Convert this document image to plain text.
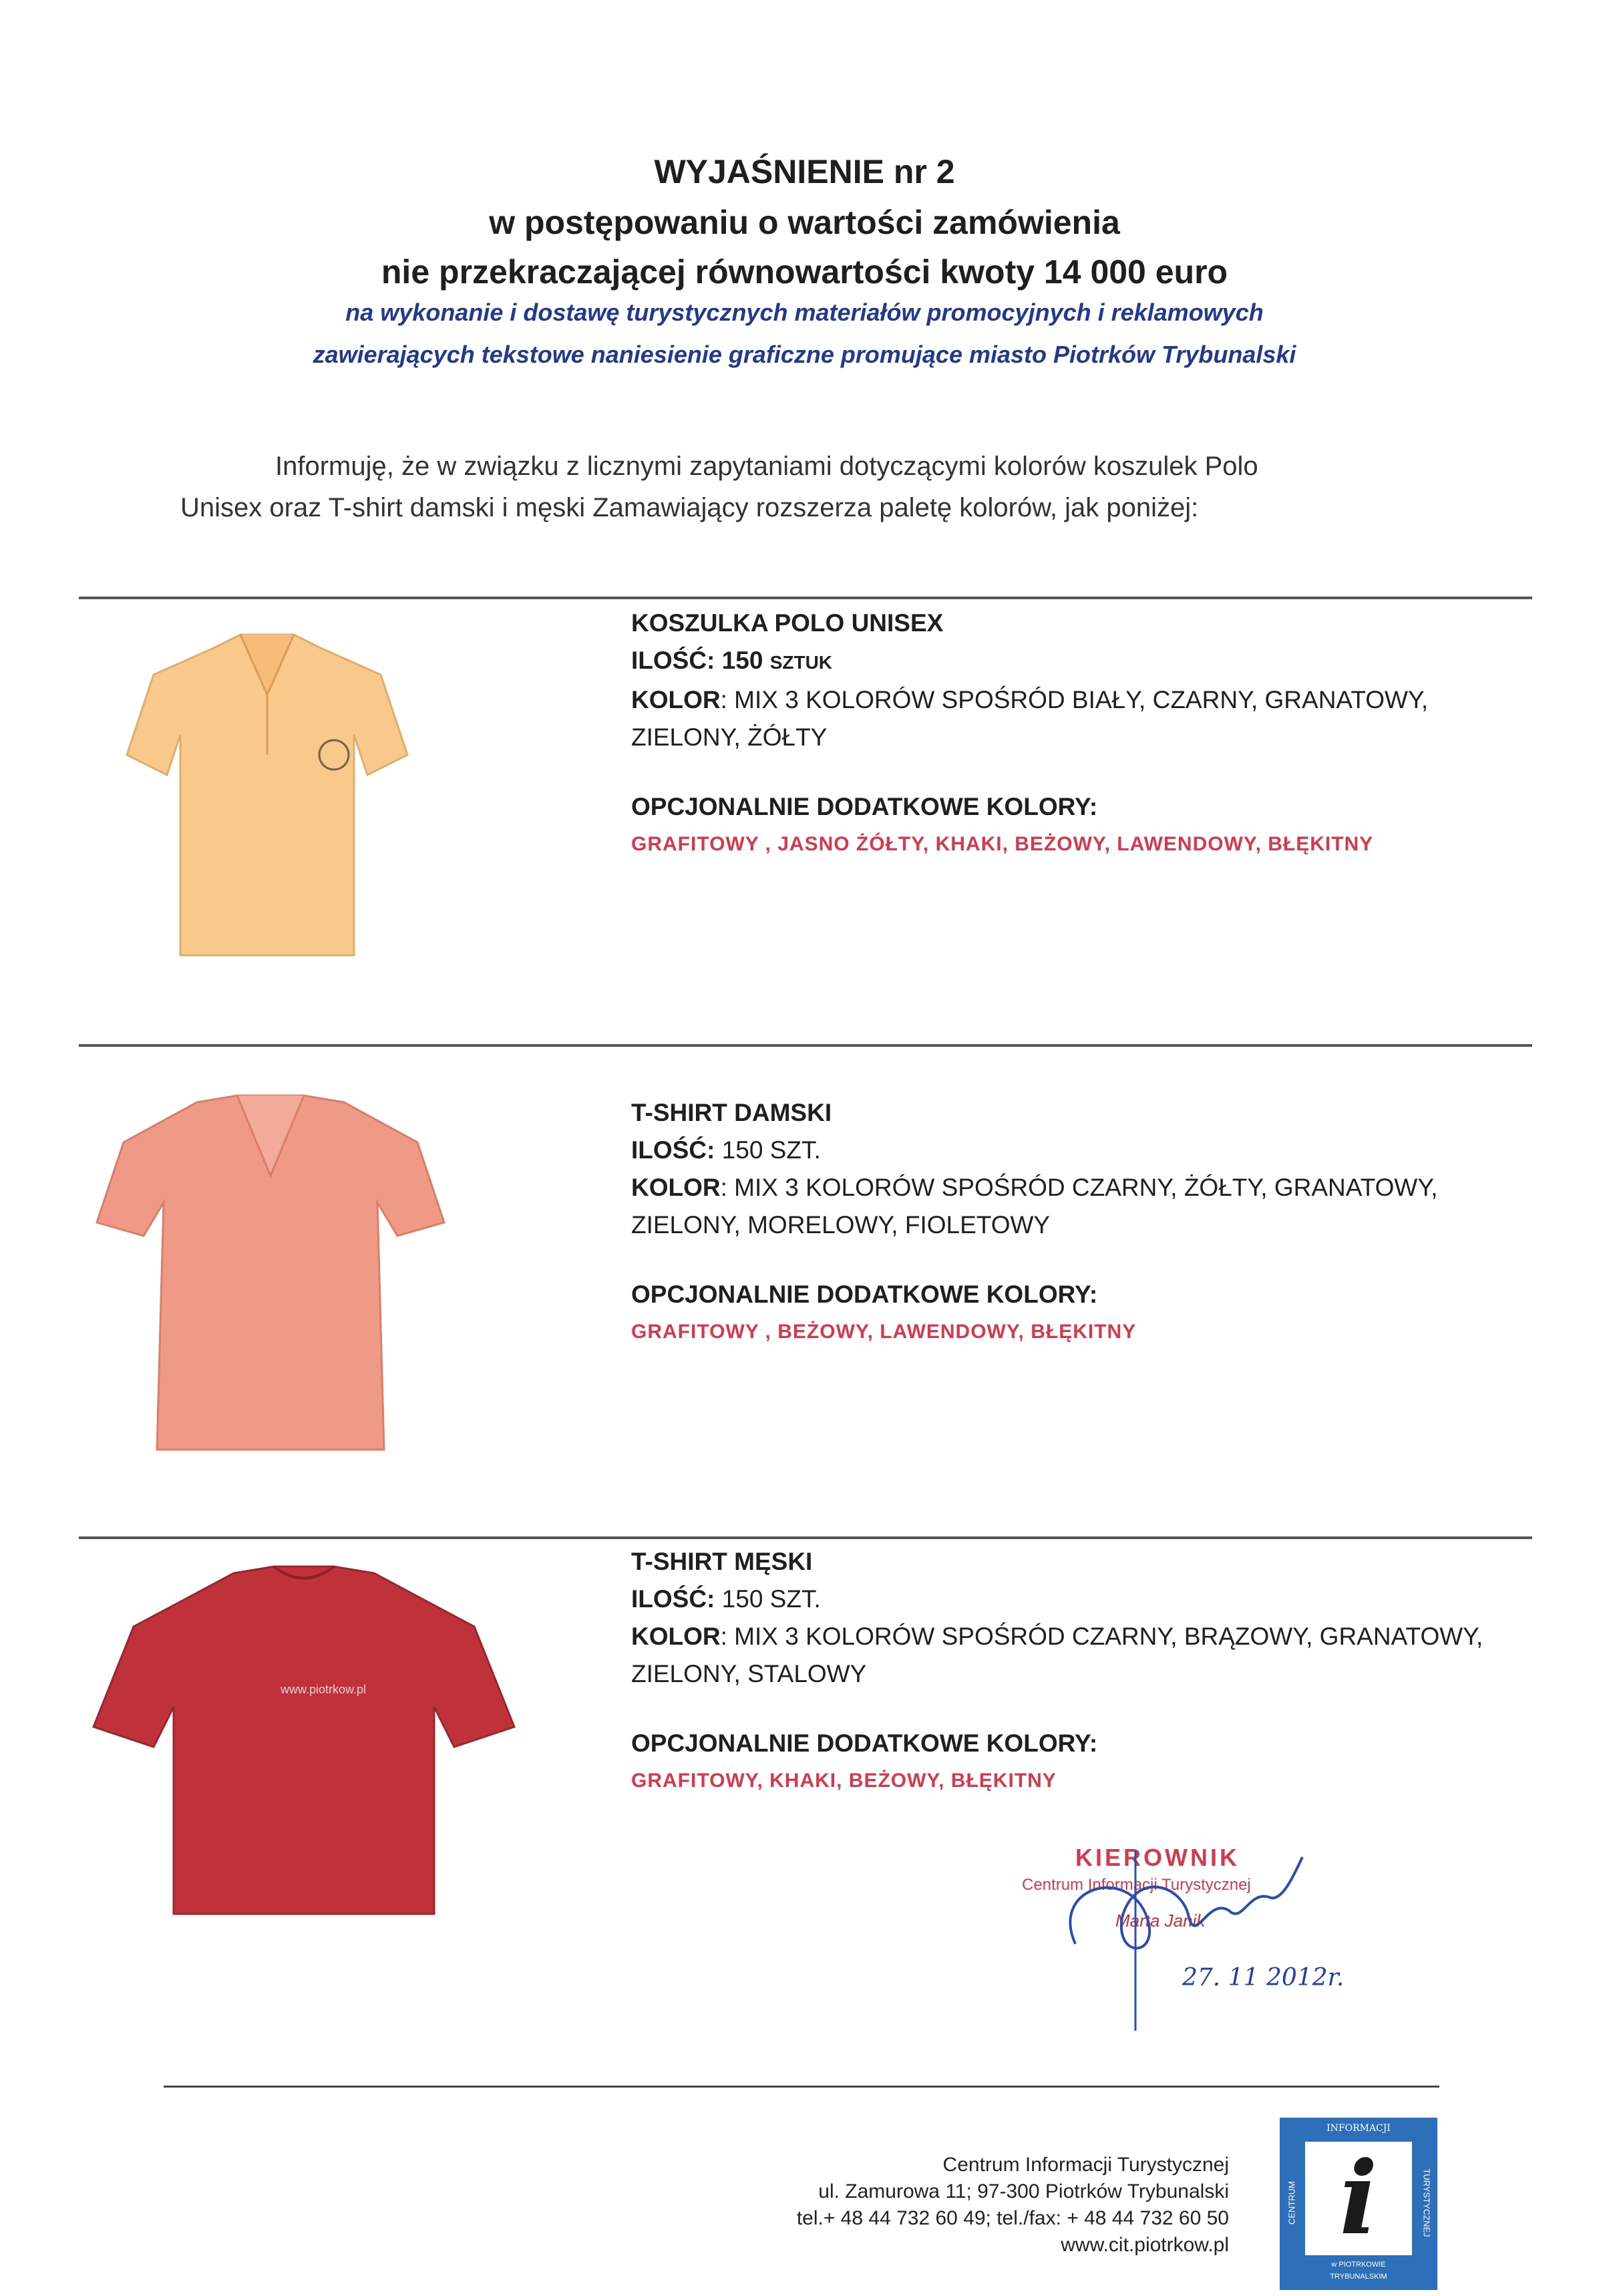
WYJAŚNIENIE nr 2
w postępowaniu o wartości zamówienia
nie przekraczającej równowartości kwoty 14 000 euro
na wykonanie i dostawę turystycznych materiałów promocyjnych i reklamowych
zawierających tekstowe naniesienie graficzne promujące miasto Piotrków Trybunalski
Informuję, że w związku z licznymi zapytaniami dotyczącymi kolorów koszulek Polo
Unisex oraz T-shirt damski i męski Zamawiający rozszerza paletę kolorów, jak poniżej:
KOSZULKA POLO UNISEX
ILOŚĆ: 150 SZTUK
KOLOR: MIX 3 KOLORÓW SPOŚRÓD BIAŁY, CZARNY, GRANATOWY,
ZIELONY, ŻÓŁTY
OPCJONALNIE DODATKOWE KOLORY:
GRAFITOWY , JASNO ŻÓŁTY, KHAKI, BEŻOWY, LAWENDOWY, BŁĘKITNY
T-SHIRT DAMSKI
ILOŚĆ: 150 SZT.
KOLOR: MIX 3 KOLORÓW SPOŚRÓD CZARNY, ŻÓŁTY, GRANATOWY,
ZIELONY, MORELOWY, FIOLETOWY
OPCJONALNIE DODATKOWE KOLORY:
GRAFITOWY , BEŻOWY, LAWENDOWY, BŁĘKITNY
www.piotrkow.pl
T-SHIRT MĘSKI
ILOŚĆ: 150 SZT.
KOLOR: MIX 3 KOLORÓW SPOŚRÓD CZARNY, BRĄZOWY, GRANATOWY,
ZIELONY, STALOWY
OPCJONALNIE DODATKOWE KOLORY:
GRAFITOWY, KHAKI, BEŻOWY, BŁĘKITNY
KIEROWNIK
Centrum Informacji Turystycznej
Marta Janik
27. 11 2012r.
Centrum Informacji Turystycznej
ul. Zamurowa 11; 97-300 Piotrków Trybunalski
tel.+ 48 44 732 60 49; tel./fax: + 48 44 732 60 50
www.cit.piotrkow.pl
INFORMACJI
CENTRUM	TURYSTYCZNEJ
i
w PIOTRKOWIE
TRYBUNALSKIM
